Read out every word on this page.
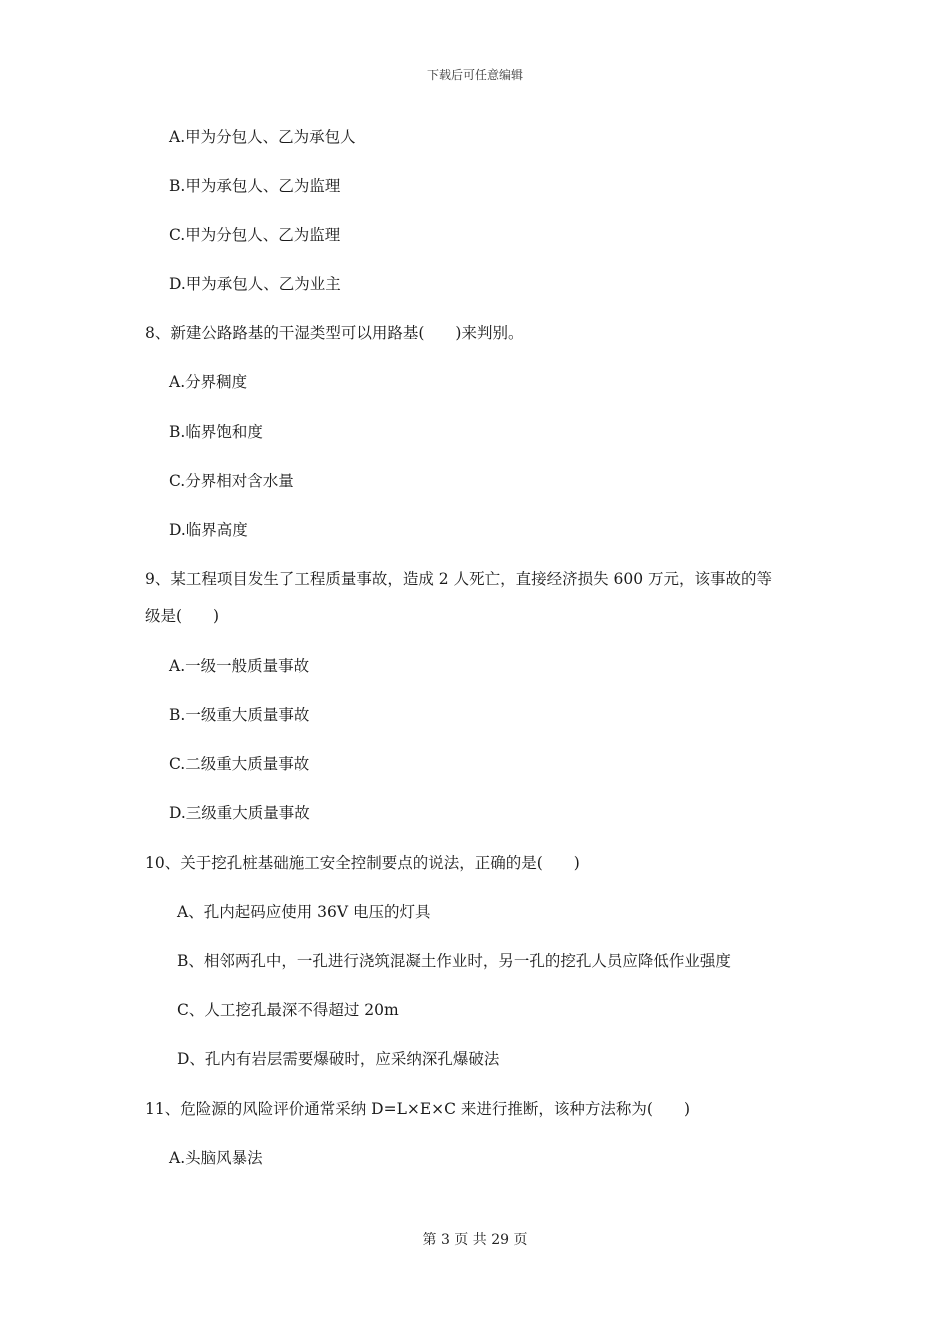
下载后可任意编辑
A.甲为分包人、乙为承包人
B.甲为承包人、乙为监理
C.甲为分包人、乙为监理
D.甲为承包人、乙为业主
8、新建公路路基的干湿类型可以用路基(　　)来判别。
A.分界稠度
B.临界饱和度
C.分界相对含水量
D.临界高度
9、某工程项目发生了工程质量事故，造成 2 人死亡，直接经济损失 600 万元，该事故的等
级是(　　)
A.一级一般质量事故
B.一级重大质量事故
C.二级重大质量事故
D.三级重大质量事故
10、关于挖孔桩基础施工安全控制要点的说法，正确的是(　　)
A、孔内起码应使用 36V 电压的灯具
B、相邻两孔中，一孔进行浇筑混凝土作业时，另一孔的挖孔人员应降低作业强度
C、人工挖孔最深不得超过 20m
D、孔内有岩层需要爆破时，应采纳深孔爆破法
11、危险源的风险评价通常采纳 D=L×E×C 来进行推断，该种方法称为(　　)
A.头脑风暴法
第 3 页 共 29 页
